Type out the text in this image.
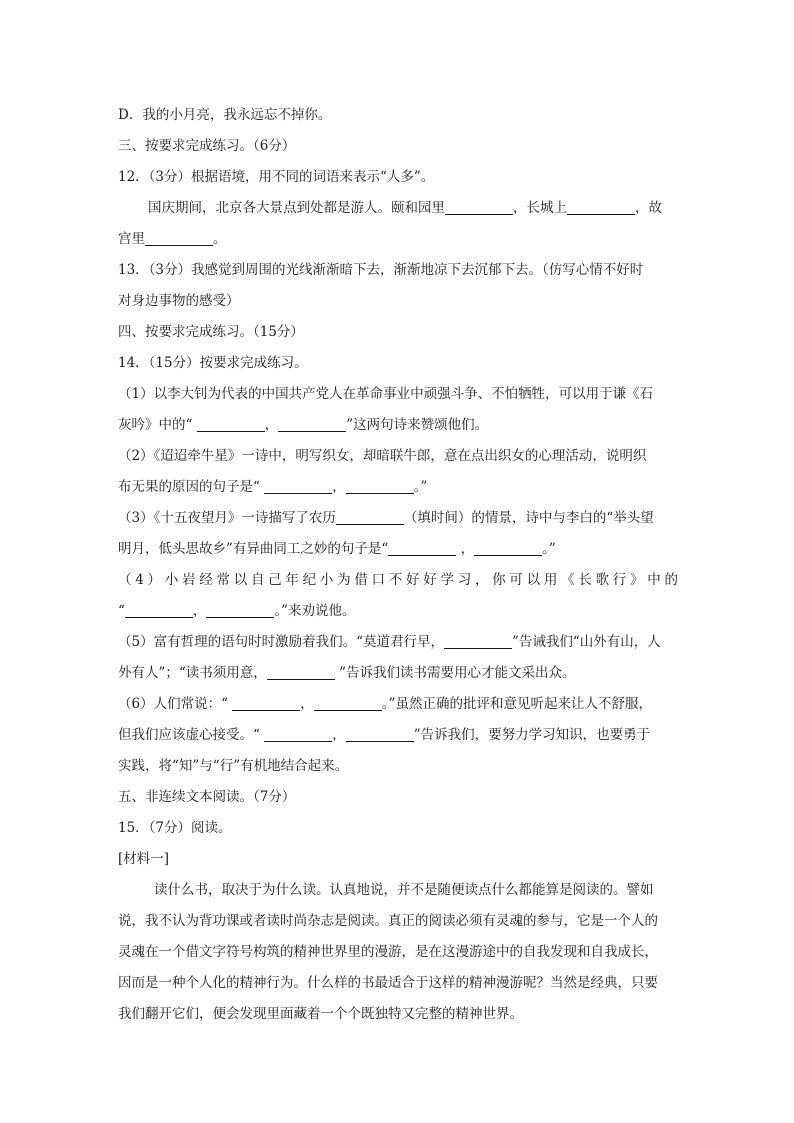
D．我的小月亮，我永远忘不掉你。
三、按要求完成练习。（6分）
12．（3分）根据语境，用不同的词语来表示“人多”。
国庆期间，北京各大景点到处都是游人。颐和园里	，长城上	，故
宫里	。
13．（3分）我感觉到周围的光线渐渐暗下去，渐渐地凉下去沉郁下去。（仿写心情不好时
对身边事物的感受）
四、按要求完成练习。（15分）
14．（15分）按要求完成练习。
（1）以李大钊为代表的中国共产党人在革命事业中顽强斗争、不怕牺牲，可以用于谦《石
灰吟》中的“	，	”这两句诗来赞颂他们。
（2）《迢迢牵牛星》一诗中，明写织女，却暗联牛郎，意在点出织女的心理活动，说明织
布无果的原因的句子是“	，	。”
（3）《十五夜望月》一诗描写了农历	（填时间）的情景，诗中与李白的“举头望
明月，低头思故乡”有异曲同工之妙的句子是“	，	。”
（4）小岩经常以自己年纪小为借口不好好学习，你可以用《长歌行》中的
“	，	。”来劝说他。
（5）富有哲理的语句时时激励着我们。“莫道君行早，	”告诫我们“山外有山，人
外有人”；“读书须用意，	”告诉我们读书需要用心才能文采出众。
（6）人们常说：“	，	。”虽然正确的批评和意见听起来让人不舒服，
但我们应该虚心接受。“	，	”告诉我们，要努力学习知识，也要勇于
实践，将“知”与“行”有机地结合起来。
五、非连续文本阅读。（7分）
15．（7分）阅读。
[材料一]
读什么书，取决于为什么读。认真地说，并不是随便读点什么都能算是阅读的。譬如
说，我不认为背功课或者读时尚杂志是阅读。真正的阅读必须有灵魂的参与，它是一个人的
灵魂在一个借文字符号构筑的精神世界里的漫游，是在这漫游途中的自我发现和自我成长，
因而是一种个人化的精神行为。什么样的书最适合于这样的精神漫游呢？当然是经典，只要
我们翻开它们，便会发现里面藏着一个个既独特又完整的精神世界。
